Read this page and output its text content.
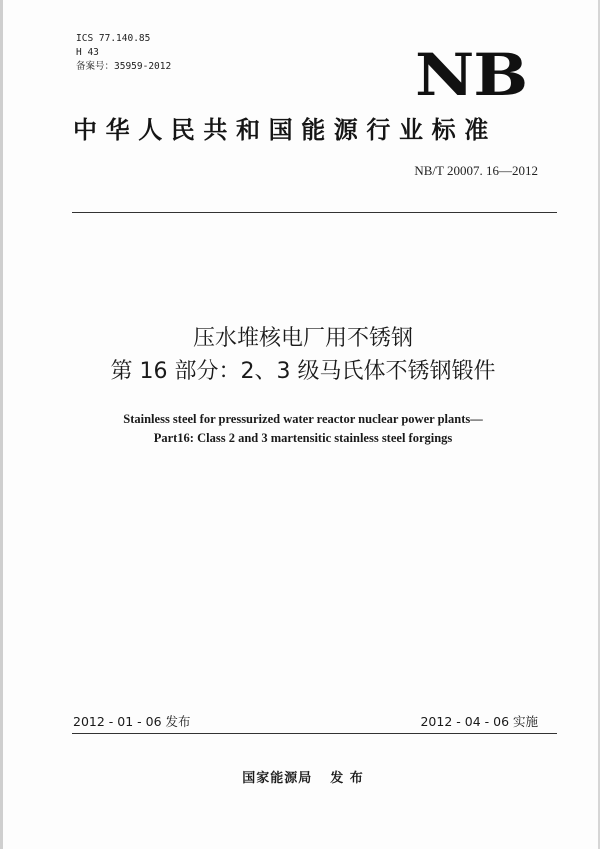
ICS 77.140.85
H 43
备案号：35959-2012	NB
中华人民共和国能源行业标准
NB/T 20007. 16—2012
压水堆核电厂用不锈钢
第 16 部分：2、3 级马氏体不锈钢锻件
Stainless steel for pressurized water reactor nuclear power plants—
Part16: Class 2 and 3 martensitic stainless steel forgings
2012 - 01 - 06 发布	2012 - 04 - 06 实施
国家能源局 发 布
